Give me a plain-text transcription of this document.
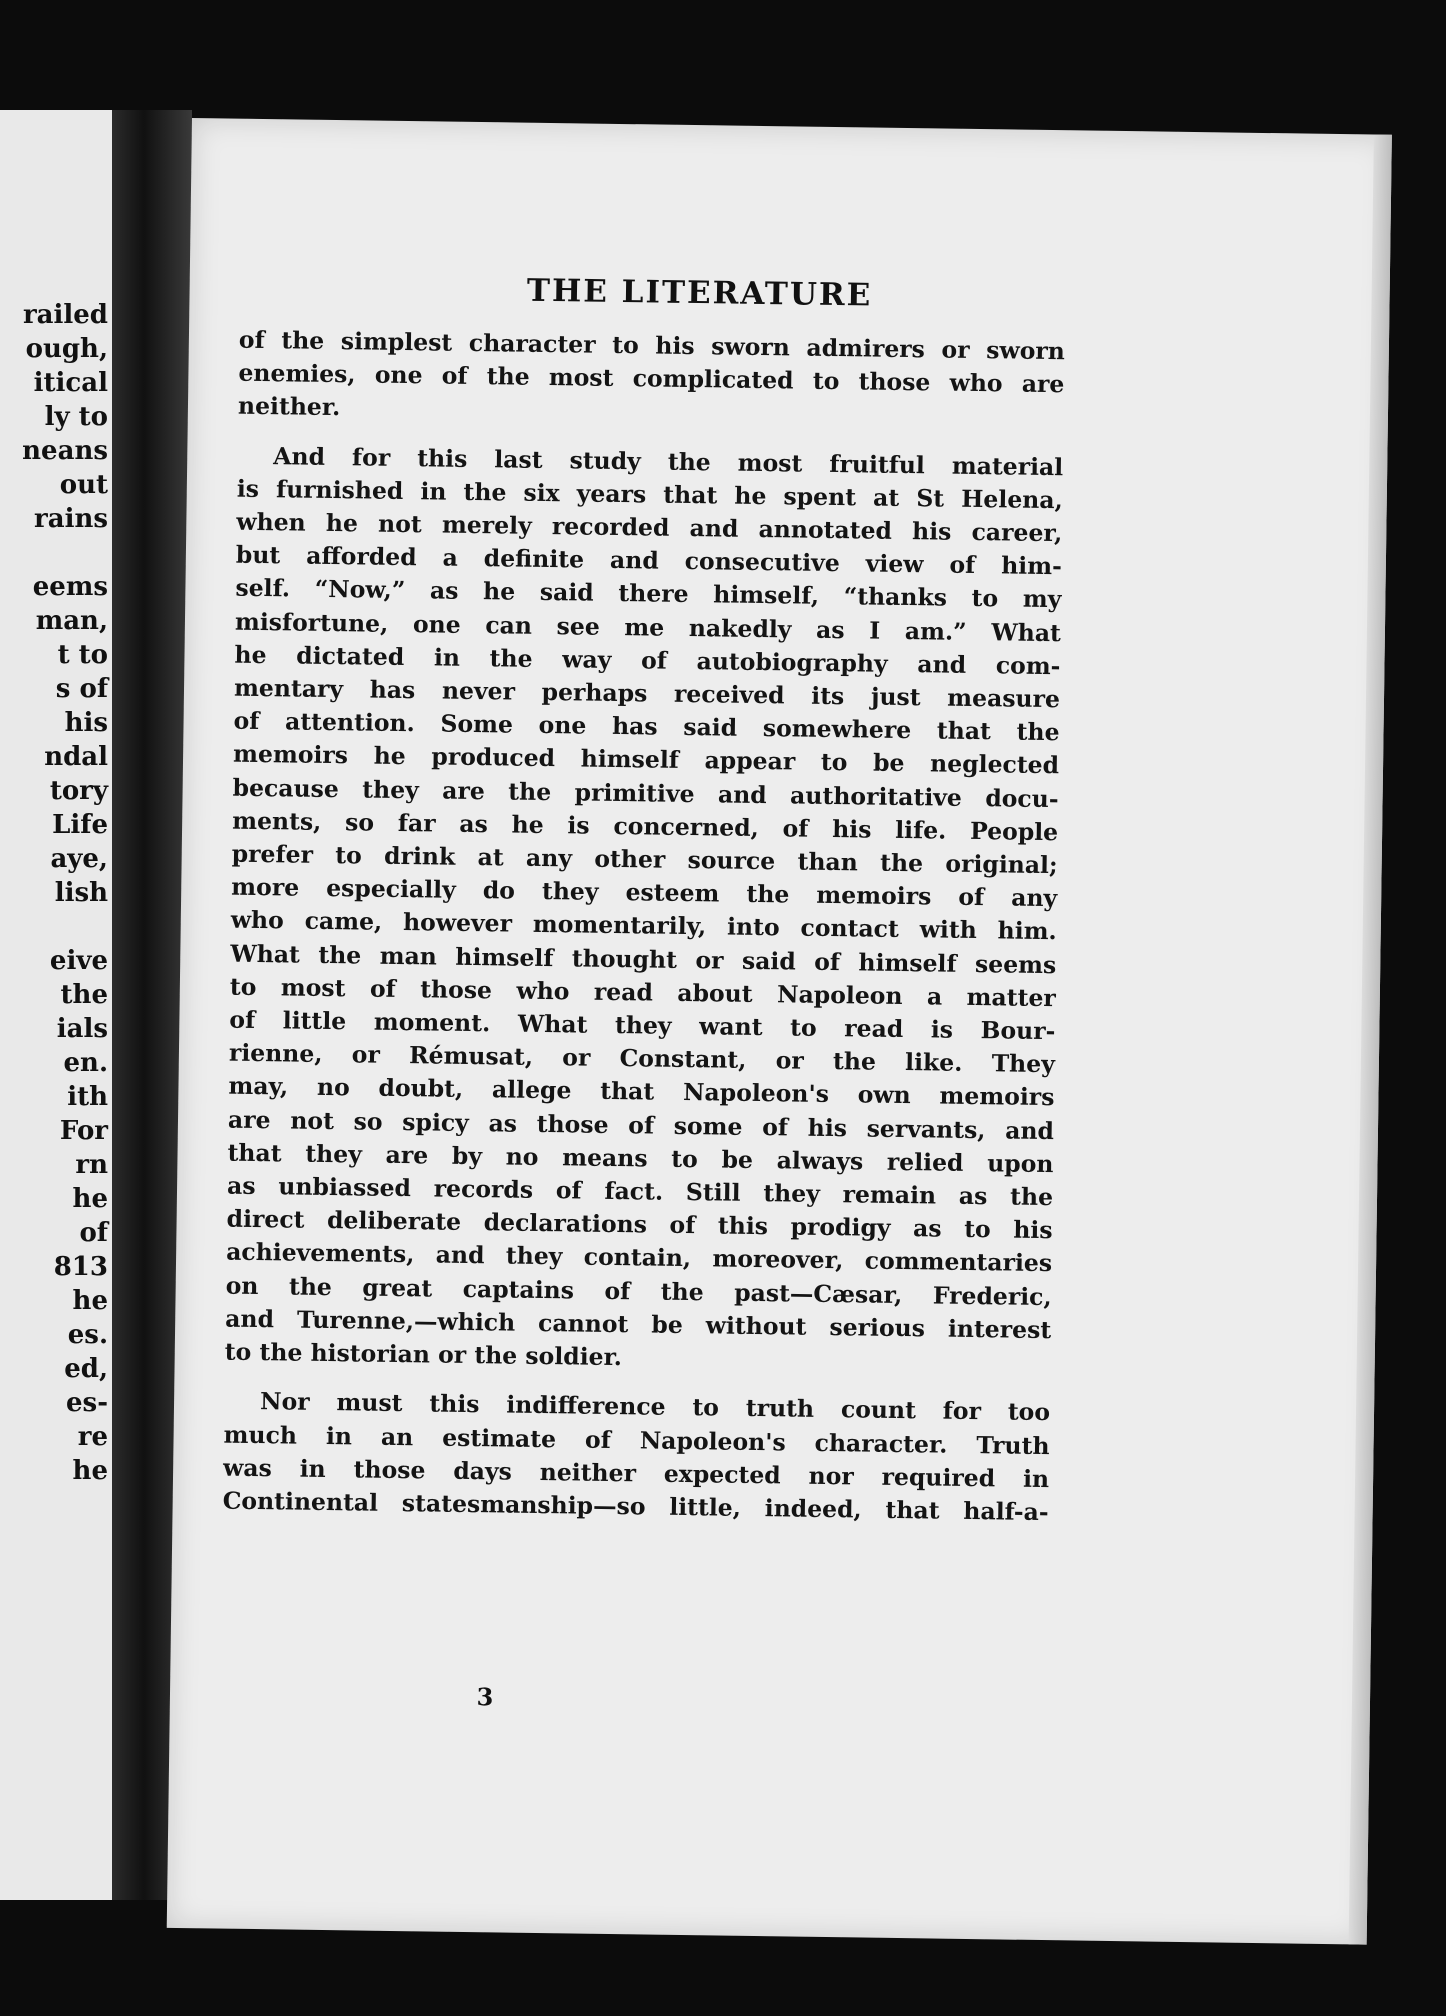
railed
ough,
itical
ly to
neans
out
rains

eems
man,
t to
s of
his
ndal
tory
Life
aye,
lish

eive
the
ials
en.
ith
For
rn
he
of
813
he
es.
ed,
es-
re
he
THE LITERATURE
of the simplest character to his sworn admirers or sworn
enemies, one of the most complicated to those who are
neither.
And for this last study the most fruitful material
is furnished in the six years that he spent at St Helena,
when he not merely recorded and annotated his career,
but afforded a definite and consecutive view of him-
self. “Now,” as he said there himself, “thanks to my
misfortune, one can see me nakedly as I am.” What
he dictated in the way of autobiography and com-
mentary has never perhaps received its just measure
of attention. Some one has said somewhere that the
memoirs he produced himself appear to be neglected
because they are the primitive and authoritative docu-
ments, so far as he is concerned, of his life. People
prefer to drink at any other source than the original;
more especially do they esteem the memoirs of any
who came, however momentarily, into contact with him.
What the man himself thought or said of himself seems
to most of those who read about Napoleon a matter
of little moment. What they want to read is Bour-
rienne, or Rémusat, or Constant, or the like. They
may, no doubt, allege that Napoleon's own memoirs
are not so spicy as those of some of his servants, and
that they are by no means to be always relied upon
as unbiassed records of fact. Still they remain as the
direct deliberate declarations of this prodigy as to his
achievements, and they contain, moreover, commentaries
on the great captains of the past—Cæsar, Frederic,
and Turenne,—which cannot be without serious interest
to the historian or the soldier.
Nor must this indifference to truth count for too
much in an estimate of Napoleon's character. Truth
was in those days neither expected nor required in
Continental statesmanship—so little, indeed, that half-a-
3
